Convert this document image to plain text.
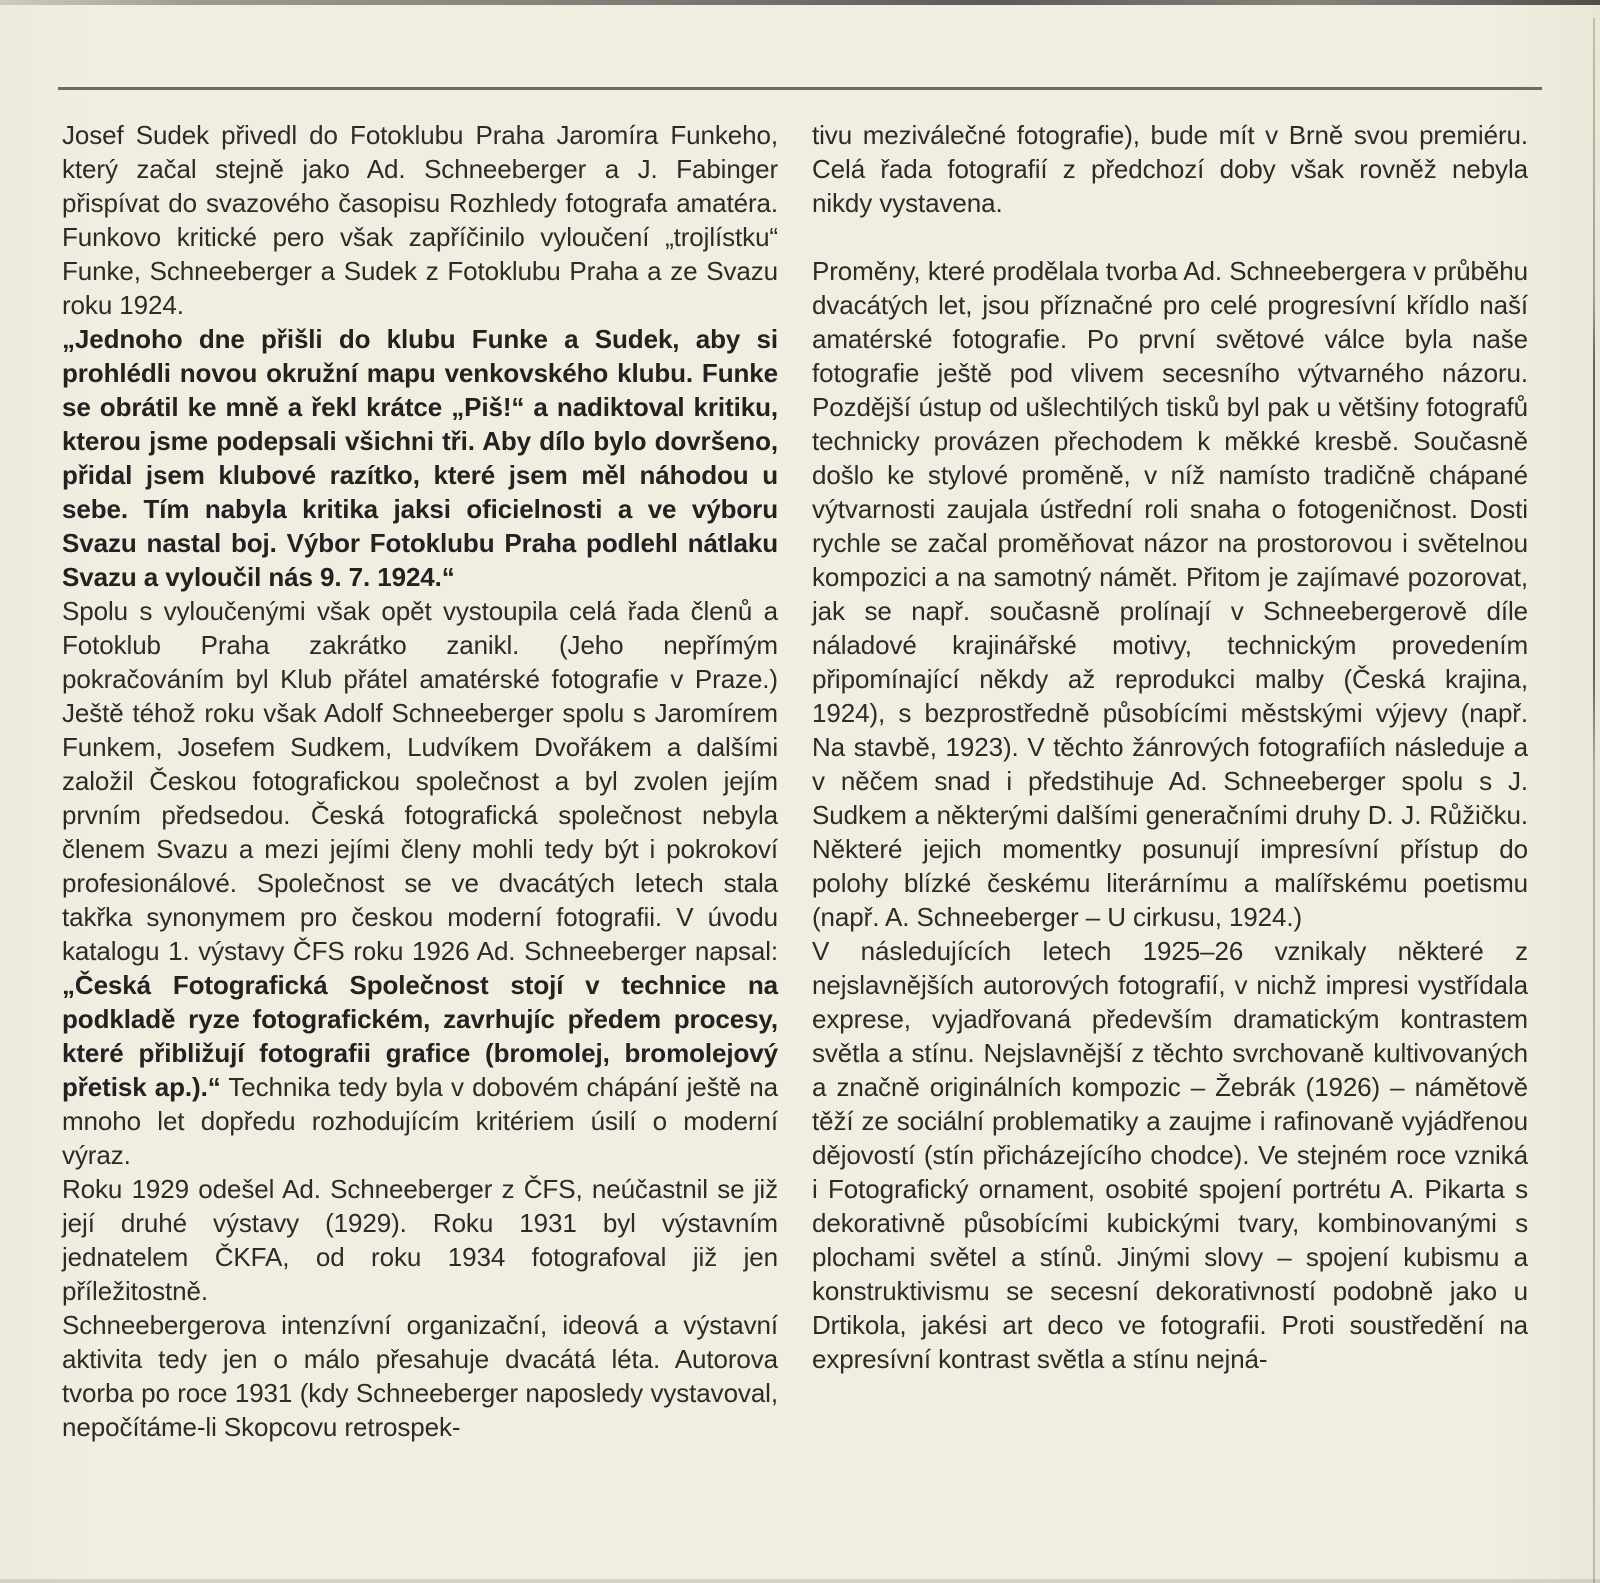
Josef Sudek přivedl do Fotoklubu Praha Jaromíra Funkeho, který začal stejně jako Ad. Schneeberger a J. Fabinger přispívat do svazového časopisu Rozhledy fotografa amatéra. Funkovo kritické pero však zapříčinilo vyloučení „trojlístku“ Funke, Schneeberger a Sudek z Fotoklubu Praha a ze Svazu roku 1924.

„Jednoho dne přišli do klubu Funke a Sudek, aby si prohlédli novou okružní mapu venkovského klubu. Funke se obrátil ke mně a řekl krátce „Piš!“ a nadiktoval kritiku, kterou jsme podepsali všichni tři. Aby dílo bylo dovršeno, přidal jsem klubové razítko, které jsem měl náhodou u sebe. Tím nabyla kritika jaksi oficielnosti a ve výboru Svazu nastal boj. Výbor Fotoklubu Praha podlehl nátlaku Svazu a vyloučil nás 9. 7. 1924.“

Spolu s vyloučenými však opět vystoupila celá řada členů a Fotoklub Praha zakrátko zanikl. (Jeho nepřímým pokračováním byl Klub přátel amatérské fotografie v Praze.) Ještě téhož roku však Adolf Schneeberger spolu s Jaromírem Funkem, Josefem Sudkem, Ludvíkem Dvořákem a dalšími založil Českou fotografickou společnost a byl zvolen jejím prvním předsedou. Česká fotografická společnost nebyla členem Svazu a mezi jejími členy mohli tedy být i pokrokoví profesionálové. Společnost se ve dvacátých letech stala takřka synonymem pro českou moderní fotografii. V úvodu katalogu 1. výstavy ČFS roku 1926 Ad. Schneeberger napsal: „Česká Fotografická Společnost stojí v technice na podkladě ryze fotografickém, zavrhujíc předem procesy, které přibližují fotografii grafice (bromolej, bromolejový přetisk ap.).“ Technika tedy byla v dobovém chápání ještě na mnoho let dopředu rozhodujícím kritériem úsilí o moderní výraz.

Roku 1929 odešel Ad. Schneeberger z ČFS, neúčastnil se již její druhé výstavy (1929). Roku 1931 byl výstavním jednatelem ČKFA, od roku 1934 fotografoval již jen příležitostně.

Schneebergerova intenzívní organizační, ideová a výstavní aktivita tedy jen o málo přesahuje dvacátá léta. Autorova tvorba po roce 1931 (kdy Schneeberger naposledy vystavoval, nepočítáme-li Skopcovu retrospek-

tivu meziválečné fotografie), bude mít v Brně svou premiéru. Celá řada fotografií z předchozí doby však rovněž nebyla nikdy vystavena.

Proměny, které prodělala tvorba Ad. Schneebergera v průběhu dvacátých let, jsou příznačné pro celé progresívní křídlo naší amatérské fotografie. Po první světové válce byla naše fotografie ještě pod vlivem secesního výtvarného názoru. Pozdější ústup od ušlechtilých tisků byl pak u většiny fotografů technicky provázen přechodem k měkké kresbě. Současně došlo ke stylové proměně, v níž namísto tradičně chápané výtvarnosti zaujala ústřední roli snaha o fotogeničnost. Dosti rychle se začal proměňovat názor na prostorovou i světelnou kompozici a na samotný námět. Přitom je zajímavé pozorovat, jak se např. současně prolínají v Schneebergerově díle náladové krajinářské motivy, technickým provedením připomínající někdy až reprodukci malby (Česká krajina, 1924), s bezprostředně působícími městskými výjevy (např. Na stavbě, 1923). V těchto žánrových fotografiích následuje a v něčem snad i předstihuje Ad. Schneeberger spolu s J. Sudkem a některými dalšími generačními druhy D. J. Růžičku. Některé jejich momentky posunují impresívní přístup do polohy blízké českému literárnímu a malířskému poetismu (např. A. Schneeberger – U cirkusu, 1924.)

V následujících letech 1925–26 vznikaly některé z nejslavnějších autorových fotografií, v nichž impresi vystřídala exprese, vyjadřovaná především dramatickým kontrastem světla a stínu. Nejslavnější z těchto svrchovaně kultivovaných a značně originálních kompozic – Žebrák (1926) – námětově těží ze sociální problematiky a zaujme i rafinovaně vyjádřenou dějovostí (stín přicházejícího chodce). Ve stejném roce vzniká i Fotografický ornament, osobité spojení portrétu A. Pikarta s dekorativně působícími kubickými tvary, kombinovanými s plochami světel a stínů. Jinými slovy – spojení kubismu a konstruktivismu se secesní dekorativností podobně jako u Drtikola, jakési art deco ve fotografii. Proti soustředění na expresívní kontrast světla a stínu nejná-
